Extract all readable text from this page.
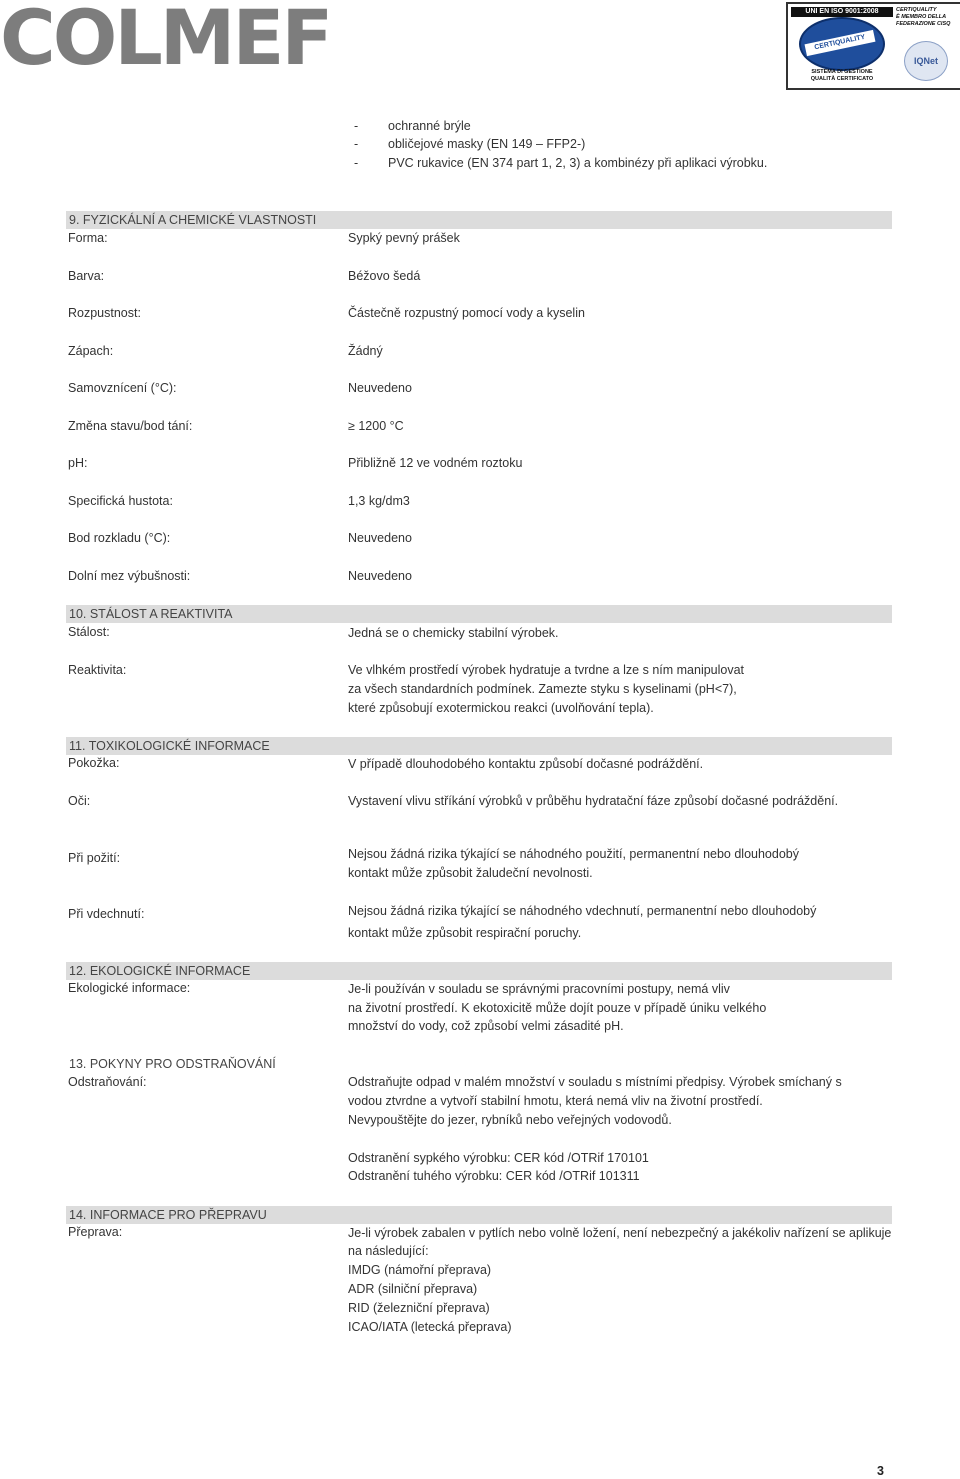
COLMEF	UNI EN ISO 9001:2008
CERTIQUALITY
SISTEMA DI GESTIONE
QUALITÀ CERTIFICATO
CERTIQUALITY
È MEMBRO DELLA
FEDERAZIONE CISQ
IQNet
- ochranné brýle
- obličejové masky (EN 149 – FFP2-)
- PVC rukavice (EN 374 part 1, 2, 3) a kombinézy při aplikaci výrobku.
9. FYZICKÁLNÍ A CHEMICKÉ VLASTNOSTI
Forma:	Sypký pevný prášek
Barva:	Béžovo šedá
Rozpustnost:	Částečně rozpustný pomocí vody a kyselin
Zápach:	Žádný
Samovznícení (°C):	Neuvedeno
Změna stavu/bod tání:	≥ 1200 °C
pH:	Přibližně 12 ve vodném roztoku
Specifická hustota:	1,3 kg/dm3
Bod rozkladu (°C):	Neuvedeno
Dolní mez výbušnosti:	Neuvedeno
10. STÁLOST A REAKTIVITA
Stálost:	Jedná se o chemicky stabilní výrobek.
Reaktivita:	Ve vlhkém prostředí výrobek hydratuje a tvrdne a lze s ním manipulovat
za všech standardních podmínek. Zamezte styku s kyselinami (pH<7),
které způsobují exotermickou reakci (uvolňování tepla).
11. TOXIKOLOGICKÉ INFORMACE
Pokožka:	V případě dlouhodobého kontaktu způsobí dočasné podráždění.
Oči:	Vystavení vlivu stříkání výrobků v průběhu hydratační fáze způsobí dočasné podráždění.
Při požití:	Nejsou žádná rizika týkající se náhodného použití, permanentní nebo dlouhodobý
kontakt může způsobit žaludeční nevolnosti.
Při vdechnutí:	Nejsou žádná rizika týkající se náhodného vdechnutí, permanentní nebo dlouhodobý
kontakt může způsobit respirační poruchy.
12. EKOLOGICKÉ INFORMACE
Ekologické informace:	Je-li používán v souladu se správnými pracovními postupy, nemá vliv
na životní prostředí. K ekotoxicitě může dojít pouze v případě úniku velkého
množství do vody, což způsobí velmi zásadité pH.
13. POKYNY PRO ODSTRAŇOVÁNÍ
Odstraňování:	Odstraňujte odpad v malém množství v souladu s místními předpisy. Výrobek smíchaný s
vodou ztvrdne a vytvoří stabilní hmotu, která nemá vliv na životní prostředí.
Nevypouštějte do jezer, rybníků nebo veřejných vodovodů.
Odstranění sypkého výrobku: CER kód /OTRif 170101
Odstranění tuhého výrobku: CER kód /OTRif 101311
14. INFORMACE PRO PŘEPRAVU
Přeprava:	Je-li výrobek zabalen v pytlích nebo volně ložení, není nebezpečný a jakékoliv nařízení se aplikuje
na následující:
IMDG (námořní přeprava)
ADR (silniční přeprava)
RID (železniční přeprava)
ICAO/IATA (letecká přeprava)
3
